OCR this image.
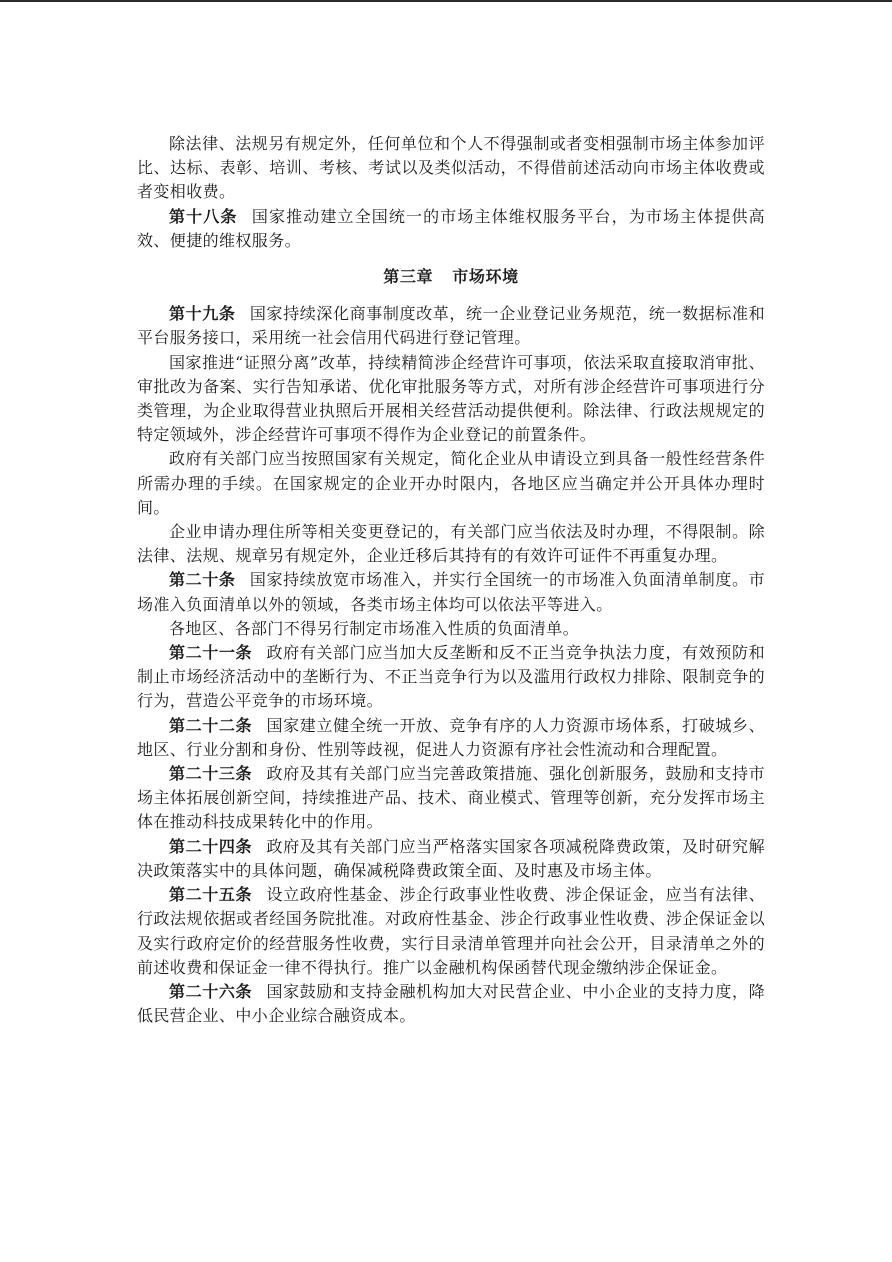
除法律、法规另有规定外，任何单位和个人不得强制或者变相强制市场主体参加评比、达标、表彰、培训、考核、考试以及类似活动，不得借前述活动向市场主体收费或者变相收费。

第十八条 国家推动建立全国统一的市场主体维权服务平台，为市场主体提供高效、便捷的维权服务。

第三章 市场环境

第十九条 国家持续深化商事制度改革，统一企业登记业务规范，统一数据标准和平台服务接口，采用统一社会信用代码进行登记管理。

国家推进“证照分离”改革，持续精简涉企经营许可事项，依法采取直接取消审批、审批改为备案、实行告知承诺、优化审批服务等方式，对所有涉企经营许可事项进行分类管理，为企业取得营业执照后开展相关经营活动提供便利。除法律、行政法规规定的特定领域外，涉企经营许可事项不得作为企业登记的前置条件。

政府有关部门应当按照国家有关规定，简化企业从申请设立到具备一般性经营条件所需办理的手续。在国家规定的企业开办时限内，各地区应当确定并公开具体办理时间。

企业申请办理住所等相关变更登记的，有关部门应当依法及时办理，不得限制。除法律、法规、规章另有规定外，企业迁移后其持有的有效许可证件不再重复办理。

第二十条 国家持续放宽市场准入，并实行全国统一的市场准入负面清单制度。市场准入负面清单以外的领域，各类市场主体均可以依法平等进入。

各地区、各部门不得另行制定市场准入性质的负面清单。

第二十一条 政府有关部门应当加大反垄断和反不正当竞争执法力度，有效预防和制止市场经济活动中的垄断行为、不正当竞争行为以及滥用行政权力排除、限制竞争的行为，营造公平竞争的市场环境。

第二十二条 国家建立健全统一开放、竞争有序的人力资源市场体系，打破城乡、地区、行业分割和身份、性别等歧视，促进人力资源有序社会性流动和合理配置。

第二十三条 政府及其有关部门应当完善政策措施、强化创新服务，鼓励和支持市场主体拓展创新空间，持续推进产品、技术、商业模式、管理等创新，充分发挥市场主体在推动科技成果转化中的作用。

第二十四条 政府及其有关部门应当严格落实国家各项减税降费政策，及时研究解决政策落实中的具体问题，确保减税降费政策全面、及时惠及市场主体。

第二十五条 设立政府性基金、涉企行政事业性收费、涉企保证金，应当有法律、行政法规依据或者经国务院批准。对政府性基金、涉企行政事业性收费、涉企保证金以及实行政府定价的经营服务性收费，实行目录清单管理并向社会公开，目录清单之外的前述收费和保证金一律不得执行。推广以金融机构保函替代现金缴纳涉企保证金。

第二十六条 国家鼓励和支持金融机构加大对民营企业、中小企业的支持力度，降低民营企业、中小企业综合融资成本。
